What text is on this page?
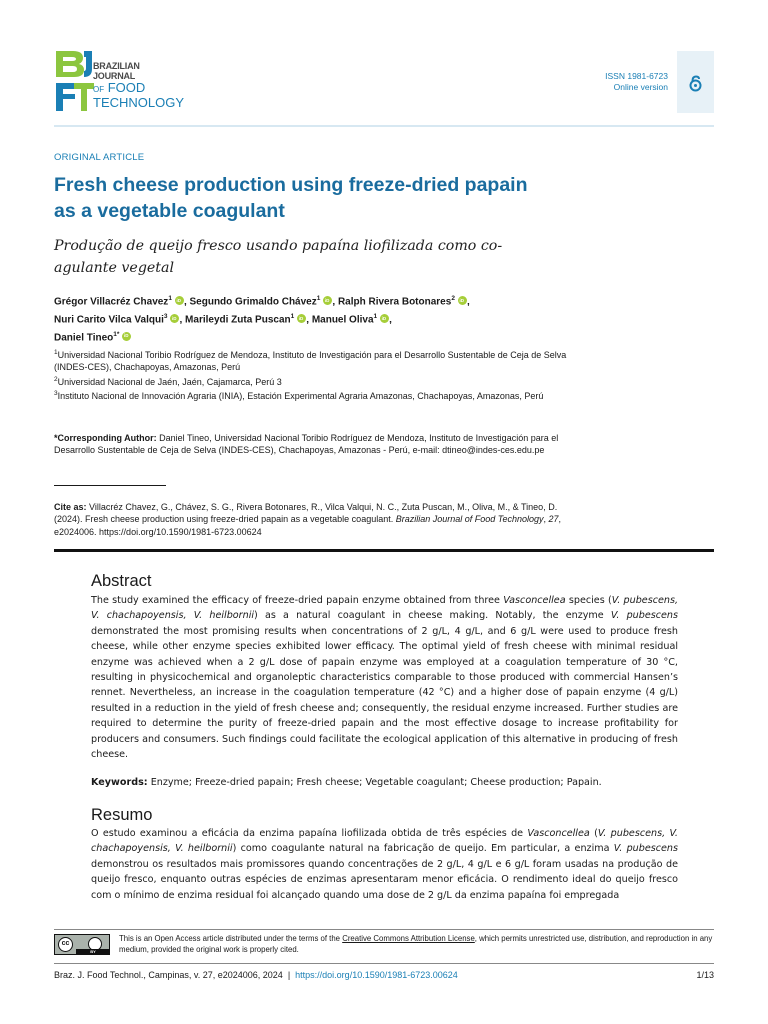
BRAZILIAN
JOURNAL
OF FOOD
TECHNOLOGY
ISSN 1981-6723
Online version
ORIGINAL ARTICLE
Fresh cheese production using freeze-dried papain as a vegetable coagulant
Produção de queijo fresco usando papaína liofilizada como co-agulante vegetal
Grégor Villacréz Chavez$^1$ iD , Segundo Grimaldo Chávez$^1$ iD , Ralph Rivera Botonares$^2$ iD ,
Nuri Carito Vilca Valqui$^3$ iD , Marileydi Zuta Puscan$^1$ iD , Manuel Oliva$^1$ iD ,
Daniel Tineo$^{1*}$iD
$^1$Universidad Nacional Toribio Rodríguez de Mendoza, Instituto de Investigación para el Desarrollo Sustentable de Ceja de Selva (INDES-CES), Chachapoyas, Amazonas, Perú
$^2$Universidad Nacional de Jaén, Jaén, Cajamarca, Perú 3
$^3$Instituto Nacional de Innovación Agraria (INIA), Estación Experimental Agraria Amazonas, Chachapoyas, Amazonas, Perú
*Corresponding Author: Daniel Tineo, Universidad Nacional Toribio Rodríguez de Mendoza, Instituto de Investigación para el Desarrollo Sustentable de Ceja de Selva (INDES-CES), Chachapoyas, Amazonas - Perú, e-mail: dtineo@indes-ces.edu.pe
Cite as: Villacréz Chavez, G., Chávez, S. G., Rivera Botonares, R., Vilca Valqui, N. C., Zuta Puscan, M., Oliva, M., & Tineo, D. (2024). Fresh cheese production using freeze-dried papain as a vegetable coagulant. Brazilian Journal of Food Technology, 27, e2024006. https://doi.org/10.1590/1981-6723.00624
Abstract
The study examined the efficacy of freeze-dried papain enzyme obtained from three Vasconcellea species (V. pubescens, V. chachapoyensis, V. heilbornii) as a natural coagulant in cheese making. Notably, the enzyme V. pubescens demonstrated the most promising results when concentrations of 2 g/L, 4 g/L, and 6 g/L were used to produce fresh cheese, while other enzyme species exhibited lower efficacy. The optimal yield of fresh cheese with minimal residual enzyme was achieved when a 2 g/L dose of papain enzyme was employed at a coagulation temperature of 30 °C, resulting in physicochemical and organoleptic characteristics comparable to those produced with commercial Hansen’s rennet. Nevertheless, an increase in the coagulation temperature (42 °C) and a higher dose of papain enzyme (4 g/L) resulted in a reduction in the yield of fresh cheese and; consequently, the residual enzyme increased. Further studies are required to determine the purity of freeze-dried papain and the most effective dosage to increase profitability for producers and consumers. Such findings could facilitate the ecological application of this alternative in producing of fresh cheese.
Keywords: Enzyme; Freeze-dried papain; Fresh cheese; Vegetable coagulant; Cheese production; Papain.
Resumo
O estudo examinou a eficácia da enzima papaína liofilizada obtida de três espécies de Vasconcellea (V. pubescens, V. chachapoyensis, V. heilbornii) como coagulante natural na fabricação de queijo. Em particular, a enzima V. pubescens demonstrou os resultados mais promissores quando concentrações de 2 g/L, 4 g/L e 6 g/L foram usadas na produção de queijo fresco, enquanto outras espécies de enzimas apresentaram menor eficácia. O rendimento ideal do queijo fresco com o mínimo de enzima residual foi alcançado quando uma dose de 2 g/L da enzima papaína foi empregada
cc
BY
This is an Open Access article distributed under the terms of the Creative Commons Attribution License, which permits unrestricted use, distribution, and reproduction in any medium, provided the original work is properly cited.
Braz. J. Food Technol., Campinas, v. 27, e2024006, 2024  |  https://doi.org/10.1590/1981-6723.00624	1/13
